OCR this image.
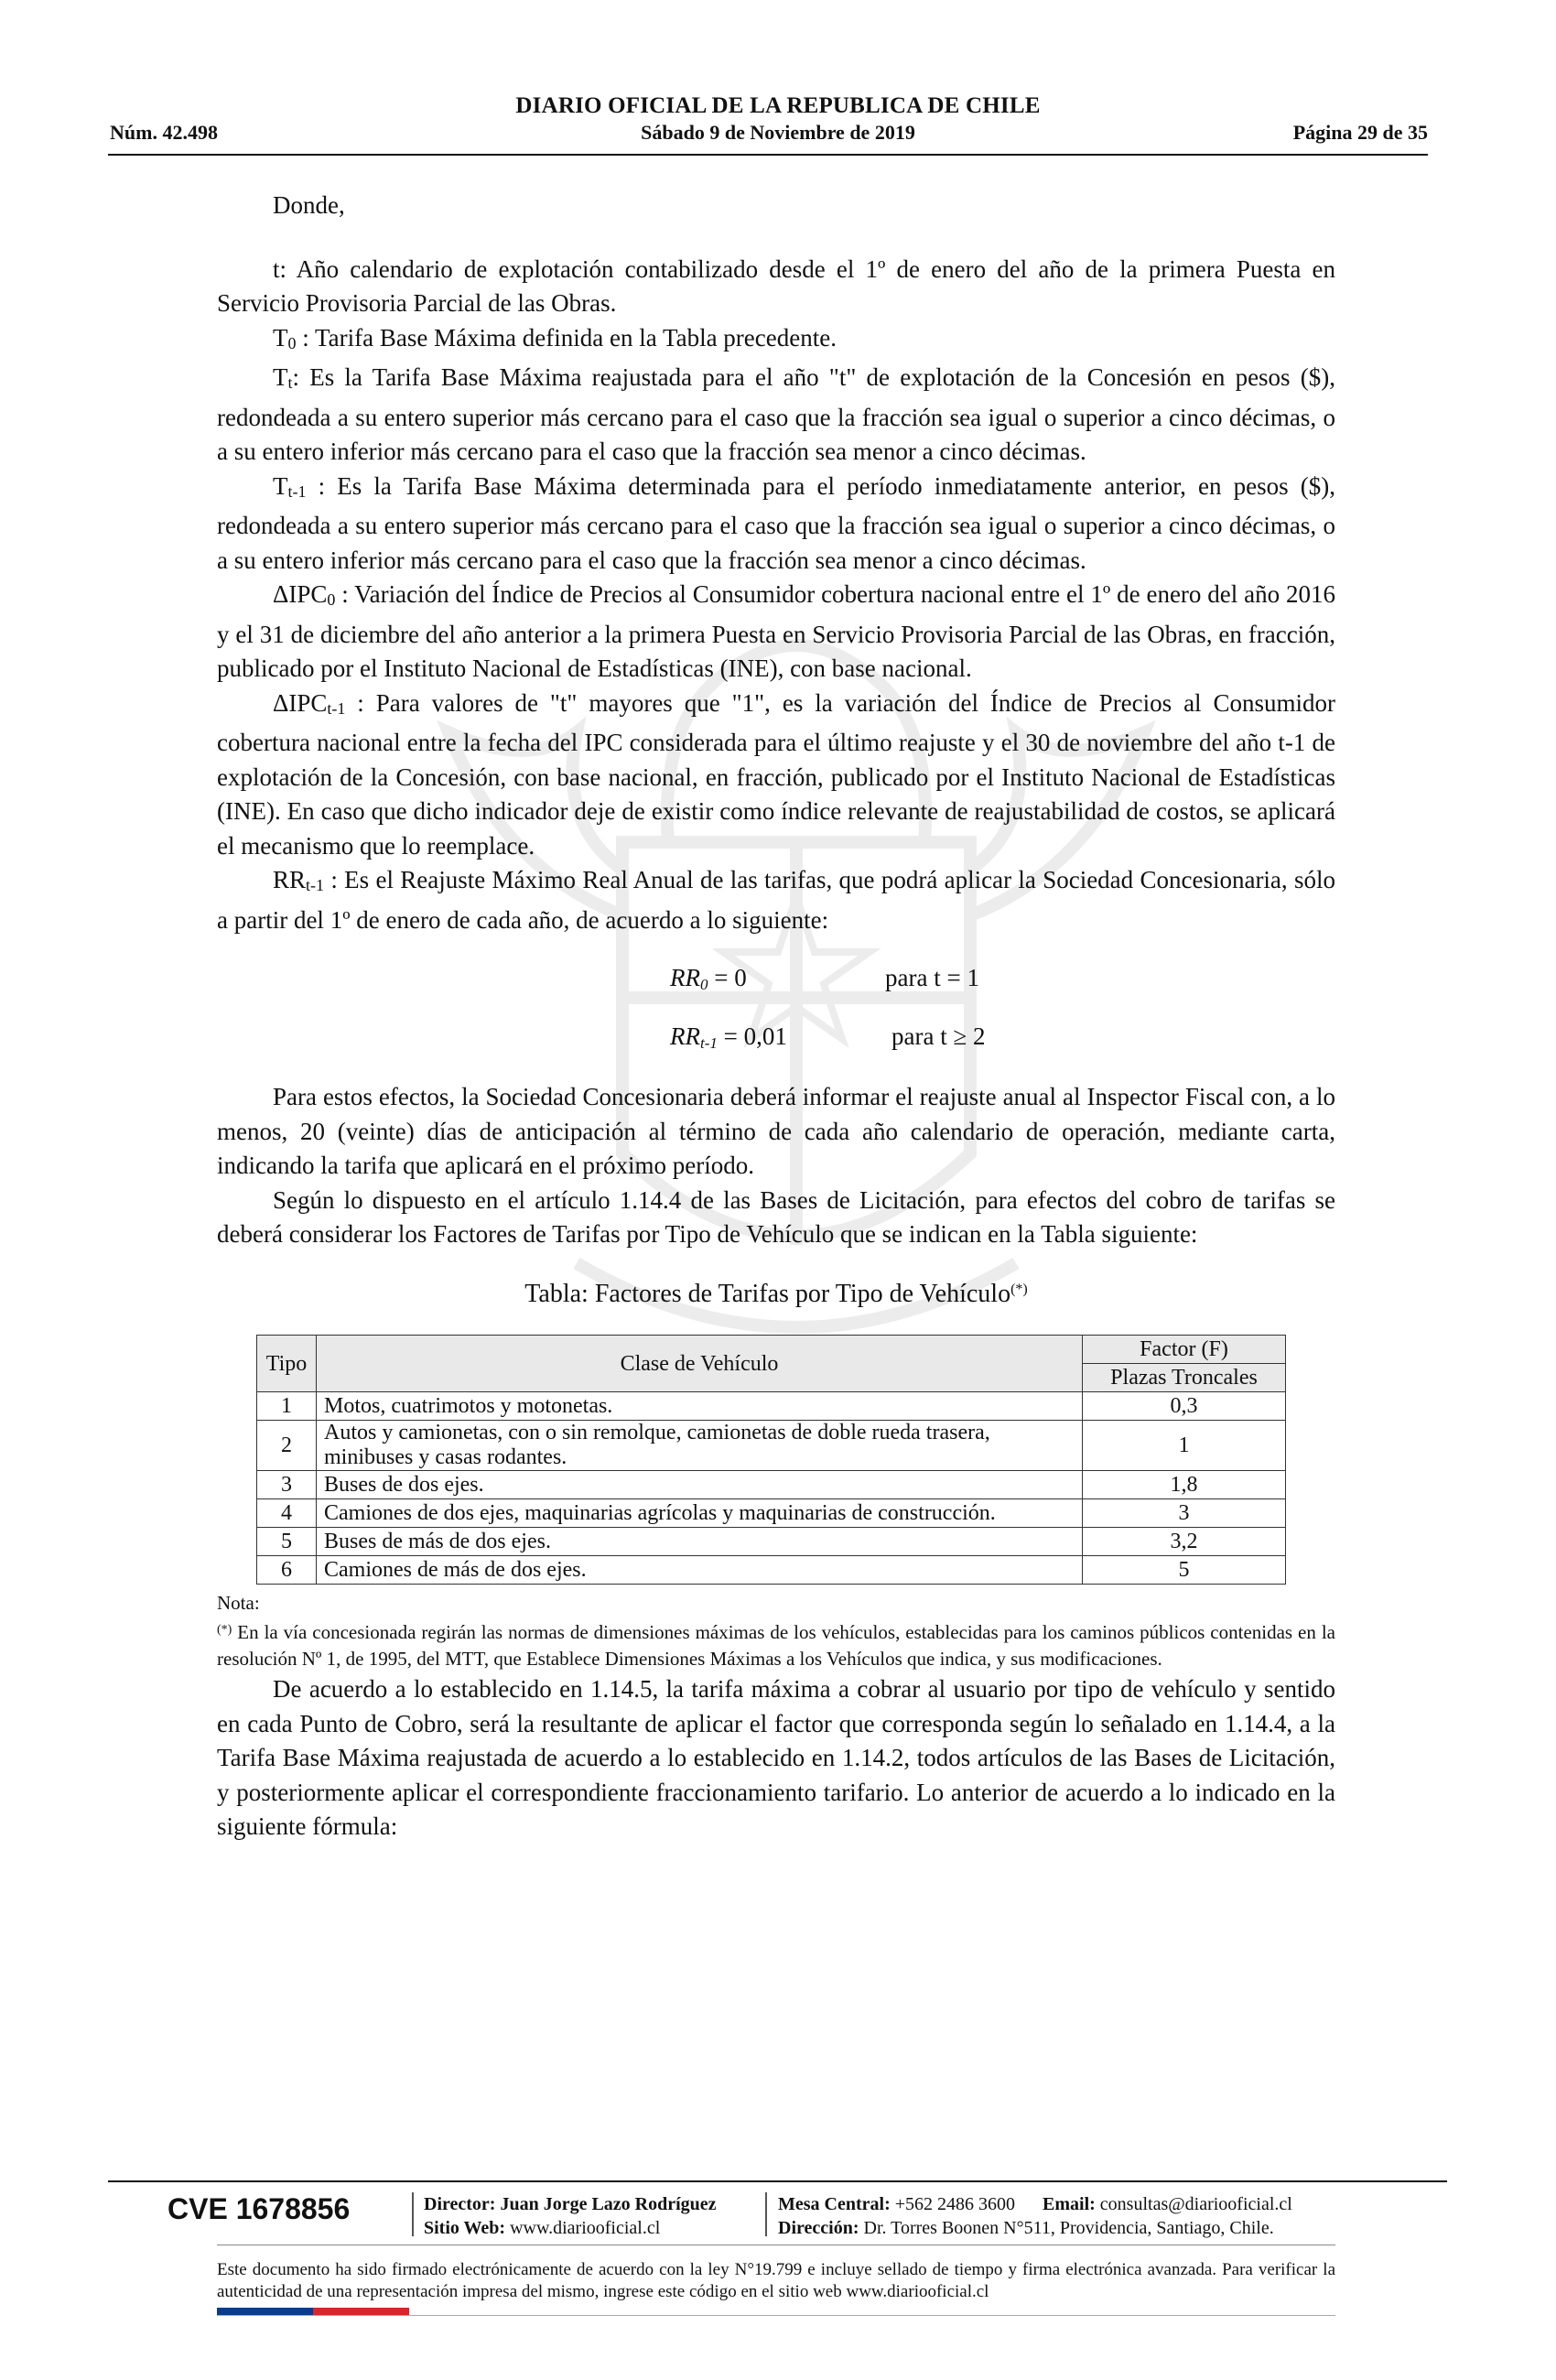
DIARIO OFICIAL DE LA REPUBLICA DE CHILE
Núm. 42.498	Sábado 9 de Noviembre de 2019	Página 29 de 35

Donde,

t: Año calendario de explotación contabilizado desde el 1º de enero del año de la primera Puesta en Servicio Provisoria Parcial de las Obras.

T0 : Tarifa Base Máxima definida en la Tabla precedente.

Tt: Es la Tarifa Base Máxima reajustada para el año "t" de explotación de la Concesión en pesos ($), redondeada a su entero superior más cercano para el caso que la fracción sea igual o superior a cinco décimas, o a su entero inferior más cercano para el caso que la fracción sea menor a cinco décimas.

Tt-1 : Es la Tarifa Base Máxima determinada para el período inmediatamente anterior, en pesos ($), redondeada a su entero superior más cercano para el caso que la fracción sea igual o superior a cinco décimas, o a su entero inferior más cercano para el caso que la fracción sea menor a cinco décimas.

ΔIPC0 : Variación del Índice de Precios al Consumidor cobertura nacional entre el 1º de enero del año 2016 y el 31 de diciembre del año anterior a la primera Puesta en Servicio Provisoria Parcial de las Obras, en fracción, publicado por el Instituto Nacional de Estadísticas (INE), con base nacional.

ΔIPCt-1 : Para valores de "t" mayores que "1", es la variación del Índice de Precios al Consumidor cobertura nacional entre la fecha del IPC considerada para el último reajuste y el 30 de noviembre del año t-1 de explotación de la Concesión, con base nacional, en fracción, publicado por el Instituto Nacional de Estadísticas (INE). En caso que dicho indicador deje de existir como índice relevante de reajustabilidad de costos, se aplicará el mecanismo que lo reemplace.

RRt-1 : Es el Reajuste Máximo Real Anual de las tarifas, que podrá aplicar la Sociedad Concesionaria, sólo a partir del 1º de enero de cada año, de acuerdo a lo siguiente:

RR0 = 0	para t = 1
RRt-1 = 0,01	para t ≥ 2

Para estos efectos, la Sociedad Concesionaria deberá informar el reajuste anual al Inspector Fiscal con, a lo menos, 20 (veinte) días de anticipación al término de cada año calendario de operación, mediante carta, indicando la tarifa que aplicará en el próximo período.

Según lo dispuesto en el artículo 1.14.4 de las Bases de Licitación, para efectos del cobro de tarifas se deberá considerar los Factores de Tarifas por Tipo de Vehículo que se indican en la Tabla siguiente:

Tabla: Factores de Tarifas por Tipo de Vehículo(*)
Tipo	Clase de Vehículo	Factor (F)
		Plazas Troncales
1	Motos, cuatrimotos y motonetas.	0,3
2	Autos y camionetas, con o sin remolque, camionetas de doble rueda trasera, minibuses y casas rodantes.	1
3	Buses de dos ejes.	1,8
4	Camiones de dos ejes, maquinarias agrícolas y maquinarias de construcción.	3
5	Buses de más de dos ejes.	3,2
6	Camiones de más de dos ejes.	5

Nota:

(*) En la vía concesionada regirán las normas de dimensiones máximas de los vehículos, establecidas para los caminos públicos contenidas en la resolución Nº 1, de 1995, del MTT, que Establece Dimensiones Máximas a los Vehículos que indica, y sus modificaciones.

De acuerdo a lo establecido en 1.14.5, la tarifa máxima a cobrar al usuario por tipo de vehículo y sentido en cada Punto de Cobro, será la resultante de aplicar el factor que corresponda según lo señalado en 1.14.4, a la Tarifa Base Máxima reajustada de acuerdo a lo establecido en 1.14.2, todos artículos de las Bases de Licitación, y posteriormente aplicar el correspondiente fraccionamiento tarifario. Lo anterior de acuerdo a lo indicado en la siguiente fórmula:

CVE 1678856	Director: Juan Jorge Lazo Rodríguez
Sitio Web: www.diariooficial.cl
Mesa Central: +562 2486 3600 Email: consultas@diariooficial.cl
Dirección: Dr. Torres Boonen N°511, Providencia, Santiago, Chile.
Este documento ha sido firmado electrónicamente de acuerdo con la ley N°19.799 e incluye sellado de tiempo y firma electrónica avanzada. Para verificar la autenticidad de una representación impresa del mismo, ingrese este código en el sitio web www.diariooficial.cl
